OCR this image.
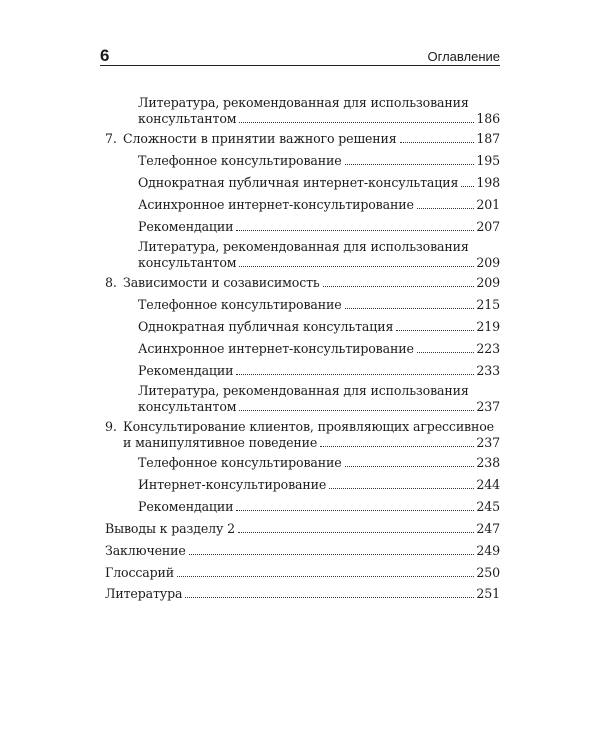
6	Оглавление
Литература, рекомендованная для использования
консультантом	186
7. Сложности в принятии важного решения	187
Телефонное консультирование	195
Однократная публичная интернет-консультация 198
Асинхронное интернет-консультирование	201
Рекомендации	207
Литература, рекомендованная для использования
консультантом	209
8. Зависимости и созависимость	209
Телефонное консультирование	215
Однократная публичная консультация	219
Асинхронное интернет-консультирование	223
Рекомендации	233
Литература, рекомендованная для использования
консультантом	237
9. Консультирование клиентов, проявляющих агрессивное
и манипулятивное поведение	237
Телефонное консультирование	238
Интернет-консультирование	244
Рекомендации	245
Выводы к разделу 2	247
Заключение	249
Глоссарий	250
Литература	251
